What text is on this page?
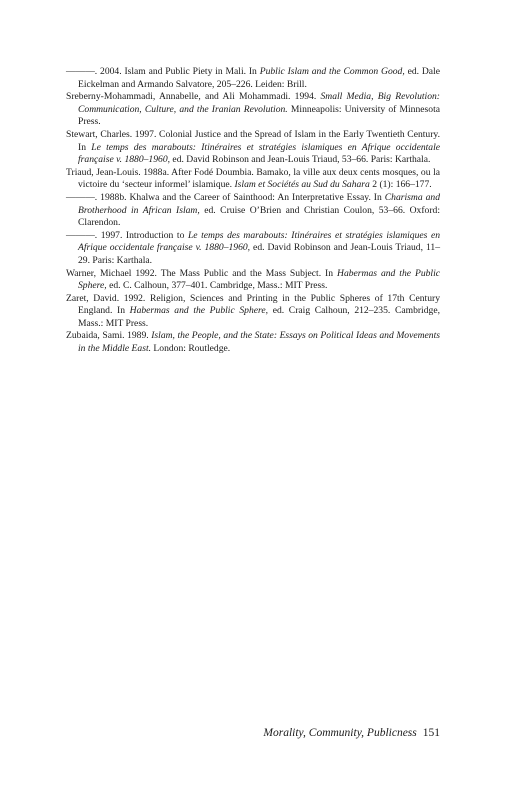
———. 2004. Islam and Public Piety in Mali. In Public Islam and the Common Good, ed. Dale Eickelman and Armando Salvatore, 205–226. Leiden: Brill.

Sreberny-Mohammadi, Annabelle, and Ali Mohammadi. 1994. Small Media, Big Revolution: Communication, Culture, and the Iranian Revolution. Minneapolis: University of Minnesota Press.

Stewart, Charles. 1997. Colonial Justice and the Spread of Islam in the Early Twentieth Century. In Le temps des marabouts: Itinéraires et stratégies islamiques en Afrique occidentale française v. 1880–1960, ed. David Robinson and Jean-Louis Triaud, 53–66. Paris: Karthala.

Triaud, Jean-Louis. 1988a. After Fodé Doumbia. Bamako, la ville aux deux cents mosques, ou la victoire du ‘secteur informel’ islamique. Islam et Sociétés au Sud du Sahara 2 (1): 166–177.

———. 1988b. Khalwa and the Career of Sainthood: An Interpretative Essay. In Charisma and Brotherhood in African Islam, ed. Cruise O’Brien and Christian Coulon, 53–66. Oxford: Clarendon.

———. 1997. Introduction to Le temps des marabouts: Itinéraires et stratégies islamiques en Afrique occidentale française v. 1880–1960, ed. David Robinson and Jean-Louis Triaud, 11–29. Paris: Karthala.

Warner, Michael 1992. The Mass Public and the Mass Subject. In Habermas and the Public Sphere, ed. C. Calhoun, 377–401. Cambridge, Mass.: MIT Press.

Zaret, David. 1992. Religion, Sciences and Printing in the Public Spheres of 17th Century England. In Habermas and the Public Sphere, ed. Craig Calhoun, 212–235. Cambridge, Mass.: MIT Press.

Zubaida, Sami. 1989. Islam, the People, and the State: Essays on Political Ideas and Movements in the Middle East. London: Routledge.

Morality, Community, Publicness 151
